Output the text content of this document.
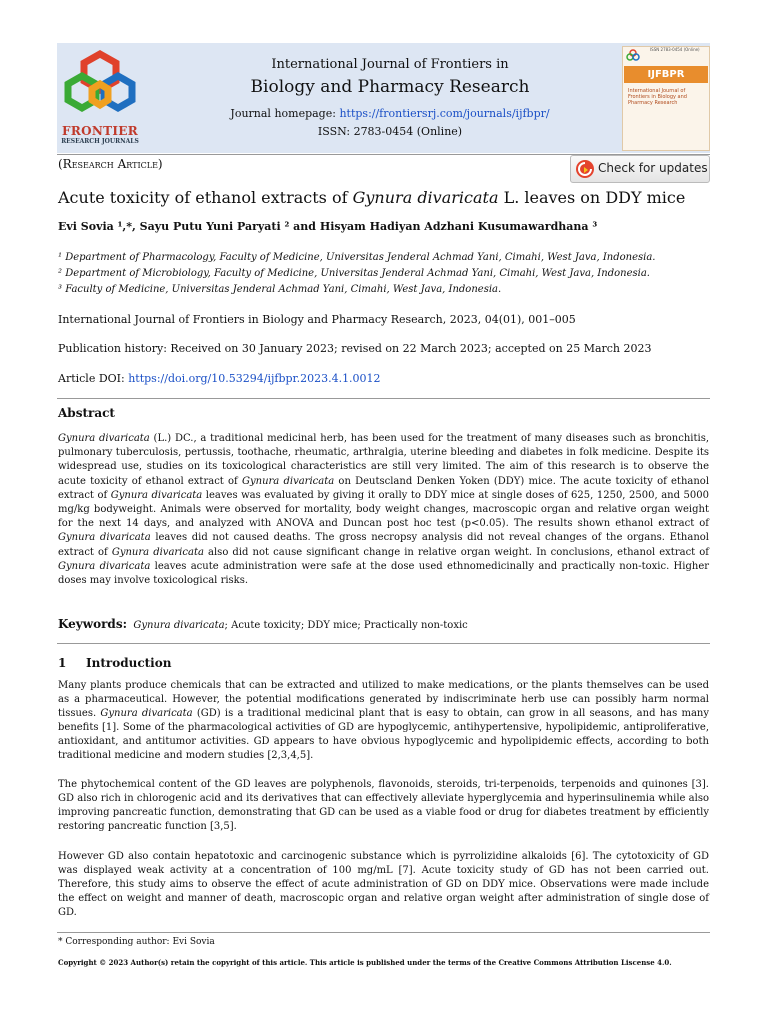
FRONTIER
RESEARCH JOURNALS
International Journal of Frontiers in
Biology and Pharmacy Research
Journal homepage: https://frontiersrj.com/journals/ijfbpr/
ISSN: 2783-0454 (Online)
ISSN 2783-0454 (Online)
IJFBPR
International Journal of Frontiers in Biology and Pharmacy Research
(Research Article)	Check for updates
Acute toxicity of ethanol extracts of Gynura divaricata L. leaves on DDY mice
Evi Sovia ¹,*, Sayu Putu Yuni Paryati ² and Hisyam Hadiyan Adzhani Kusumawardhana ³
¹ Department of Pharmacology, Faculty of Medicine, Universitas Jenderal Achmad Yani, Cimahi, West Java, Indonesia.
² Department of Microbiology, Faculty of Medicine, Universitas Jenderal Achmad Yani, Cimahi, West Java, Indonesia.
³ Faculty of Medicine, Universitas Jenderal Achmad Yani, Cimahi, West Java, Indonesia.
International Journal of Frontiers in Biology and Pharmacy Research, 2023, 04(01), 001–005
Publication history: Received on 30 January 2023; revised on 22 March 2023; accepted on 25 March 2023
Article DOI: https://doi.org/10.53294/ijfbpr.2023.4.1.0012
Abstract
Gynura divaricata (L.) DC., a traditional medicinal herb, has been used for the treatment of many diseases such as bronchitis, pulmonary tuberculosis, pertussis, toothache, rheumatic, arthralgia, uterine bleeding and diabetes in folk medicine. Despite its widespread use, studies on its toxicological characteristics are still very limited. The aim of this research is to observe the acute toxicity of ethanol extract of Gynura divaricata on Deutscland Denken Yoken (DDY) mice. The acute toxicity of ethanol extract of Gynura divaricata leaves was evaluated by giving it orally to DDY mice at single doses of 625, 1250, 2500, and 5000 mg/kg bodyweight. Animals were observed for mortality, body weight changes, macroscopic organ and relative organ weight for the next 14 days, and analyzed with ANOVA and Duncan post hoc test (p<0.05). The results shown ethanol extract of Gynura divaricata leaves did not caused deaths. The gross necropsy analysis did not reveal changes of the organs. Ethanol extract of Gynura divaricata also did not cause significant change in relative organ weight. In conclusions, ethanol extract of Gynura divaricata leaves acute administration were safe at the dose used ethnomedicinally and practically non-toxic. Higher doses may involve toxicological risks.
Keywords: Gynura divaricata; Acute toxicity; DDY mice; Practically non-toxic
1 Introduction
Many plants produce chemicals that can be extracted and utilized to make medications, or the plants themselves can be used as a pharmaceutical. However, the potential modifications generated by indiscriminate herb use can possibly harm normal tissues. Gynura divaricata (GD) is a traditional medicinal plant that is easy to obtain, can grow in all seasons, and has many benefits [1]. Some of the pharmacological activities of GD are hypoglycemic, antihypertensive, hypolipidemic, antiproliferative, antioxidant, and antitumor activities. GD appears to have obvious hypoglycemic and hypolipidemic effects, according to both traditional medicine and modern studies [2,3,4,5].
The phytochemical content of the GD leaves are polyphenols, flavonoids, steroids, tri-terpenoids, terpenoids and quinones [3]. GD also rich in chlorogenic acid and its derivatives that can effectively alleviate hyperglycemia and hyperinsulinemia while also improving pancreatic function, demonstrating that GD can be used as a viable food or drug for diabetes treatment by efficiently restoring pancreatic function [3,5].
However GD also contain hepatotoxic and carcinogenic substance which is pyrrolizidine alkaloids [6]. The cytotoxicity of GD was displayed weak activity at a concentration of 100 mg/mL [7]. Acute toxicity study of GD has not been carried out. Therefore, this study aims to observe the effect of acute administration of GD on DDY mice. Observations were made include the effect on weight and manner of death, macroscopic organ and relative organ weight after administration of single dose of GD.
* Corresponding author: Evi Sovia
Copyright © 2023 Author(s) retain the copyright of this article. This article is published under the terms of the Creative Commons Attribution Liscense 4.0.
